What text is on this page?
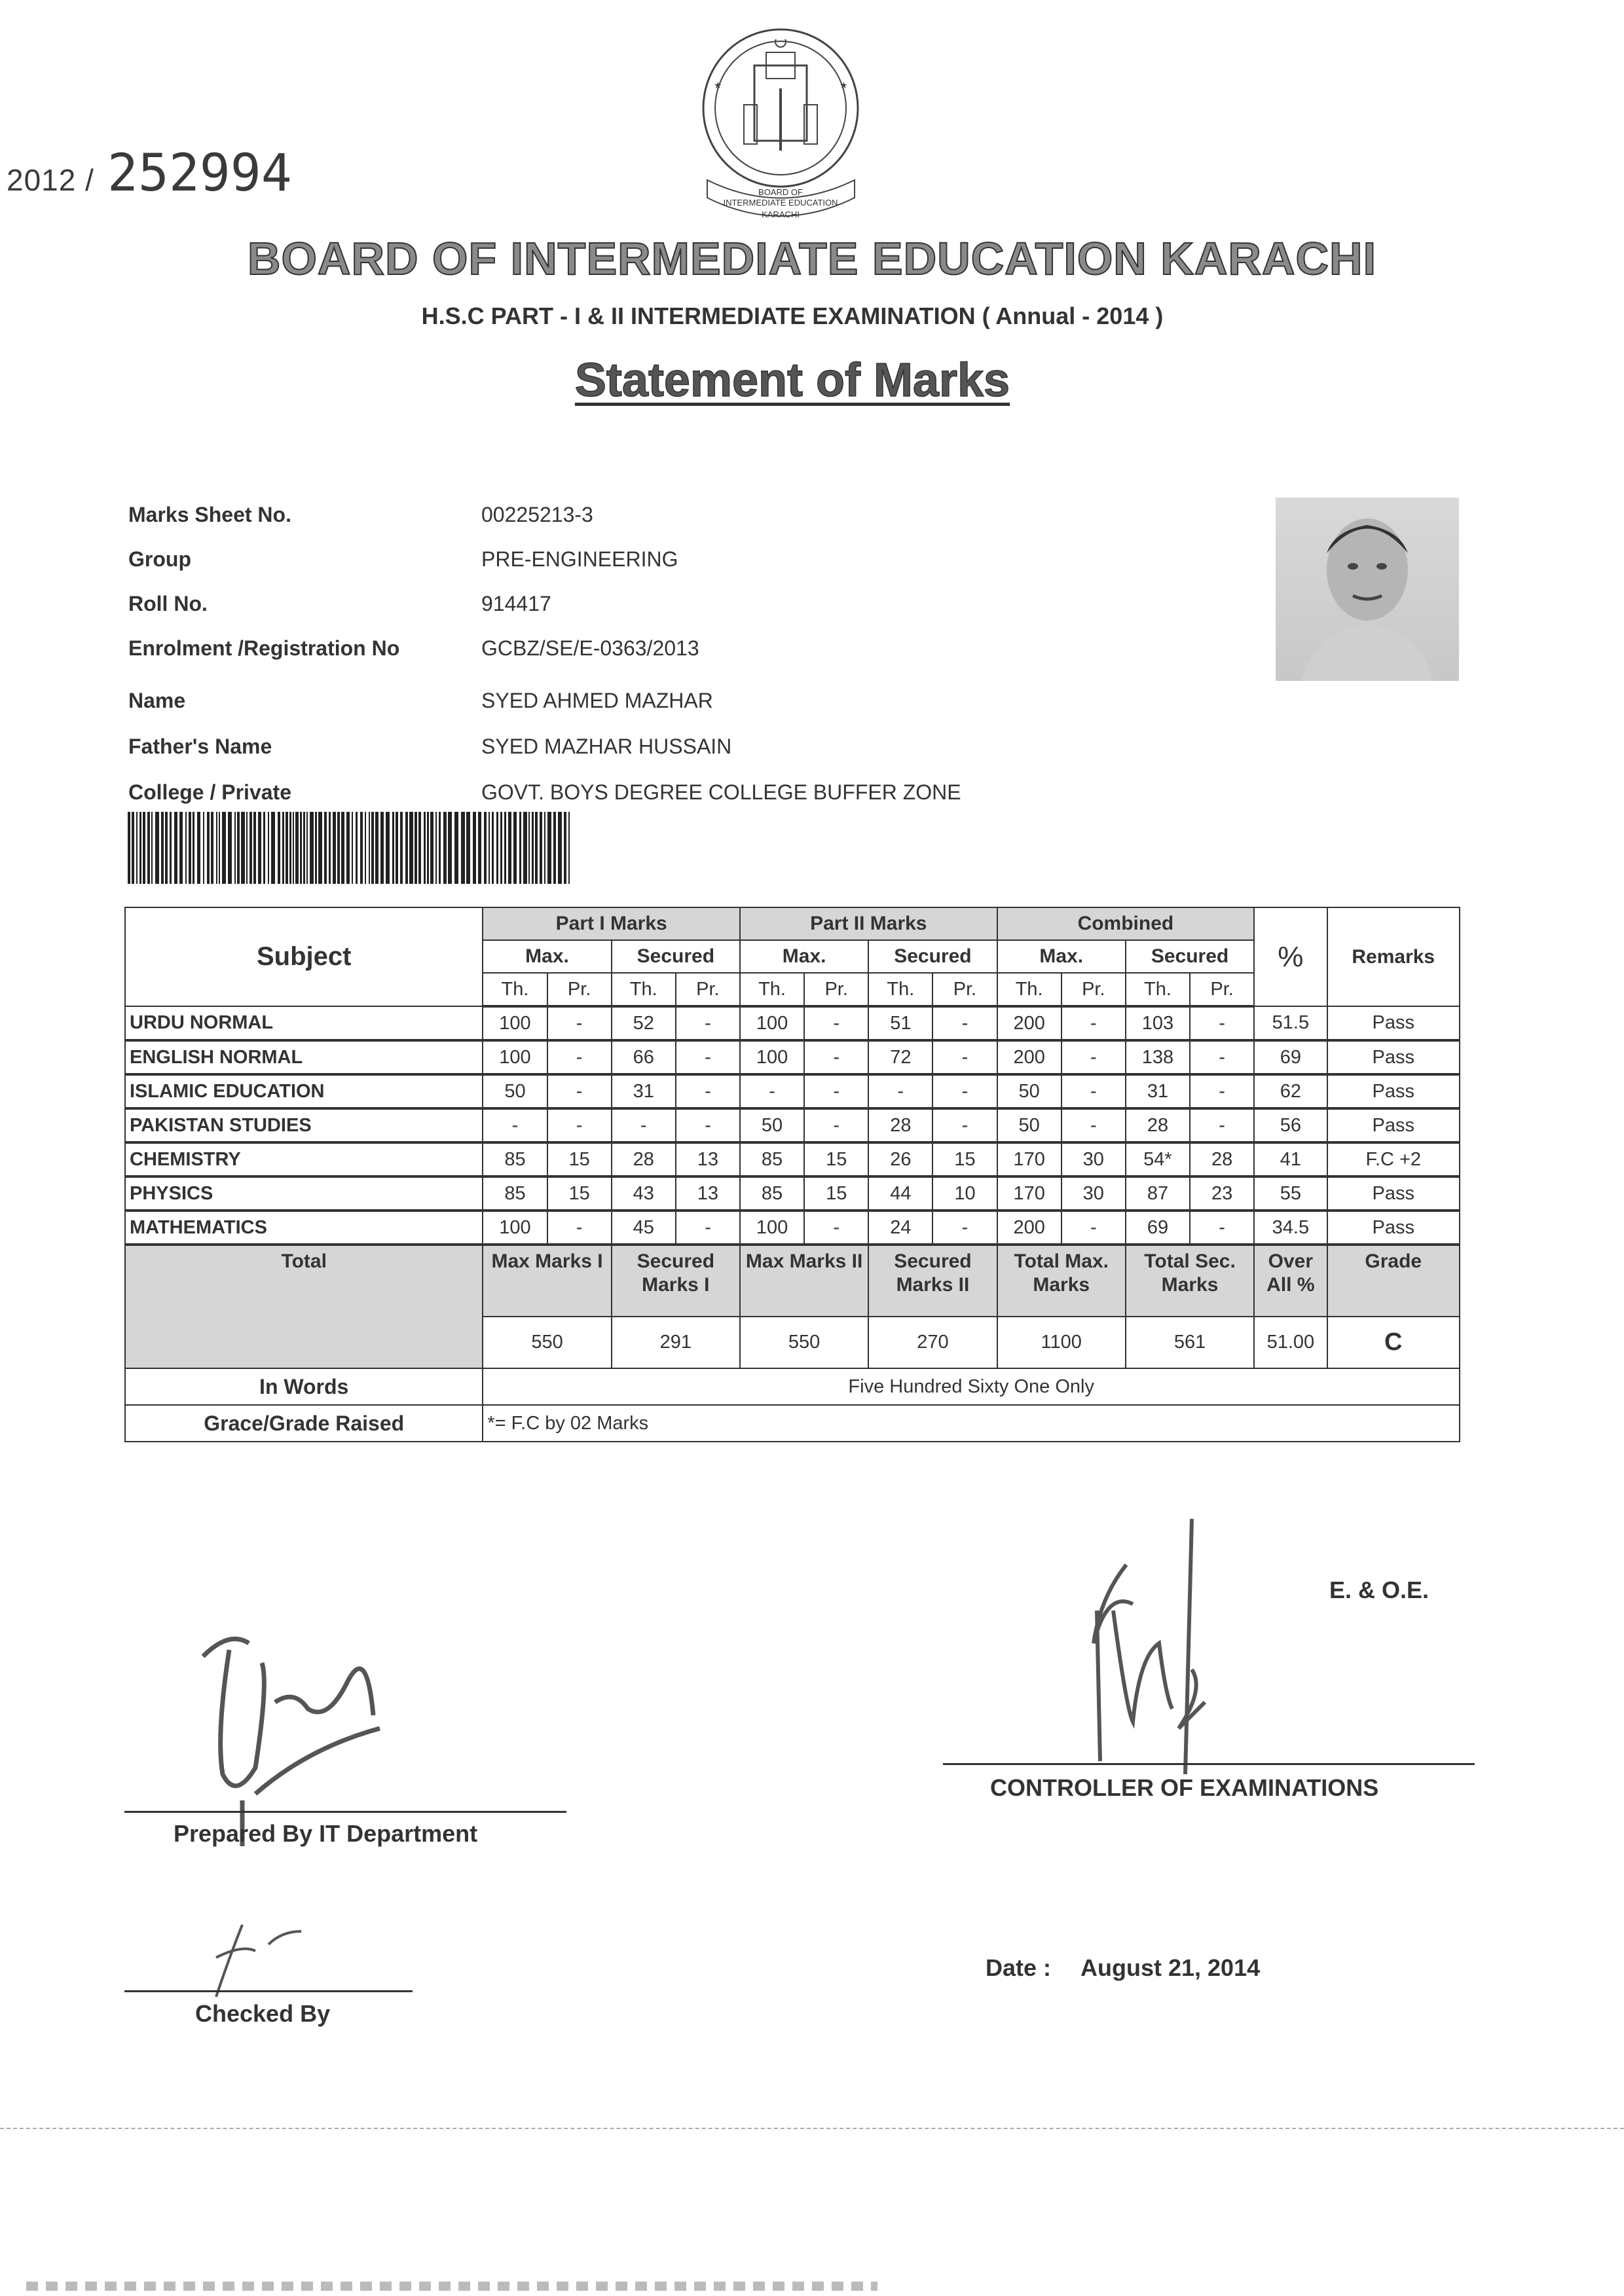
2012 / 252994
★	★
BOARD OF
INTERMEDIATE EDUCATION
KARACHI
BOARD OF INTERMEDIATE EDUCATION KARACHI
H.S.C PART - I & II INTERMEDIATE EXAMINATION ( Annual - 2014 )
Statement of Marks
Marks Sheet No.	00225213-3
Group	PRE-ENGINEERING
Roll No.	914417
Enrolment /Registration No	GCBZ/SE/E-0363/2013
Name	SYED AHMED MAZHAR
Father's Name	SYED MAZHAR HUSSAIN
College / Private	GOVT. BOYS DEGREE COLLEGE BUFFER ZONE
Subject	Part I Marks				Part II Marks				Combined				%	Remarks
	Max.		Secured		Max.		Secured		Max.		Secured			
	Th.	Pr.	Th.	Pr.	Th.	Pr.	Th.	Pr.	Th.	Pr.	Th.	Pr.		
URDU NORMAL	100	-	52	-	100	-	51	-	200	-	103	-	51.5	Pass
ENGLISH NORMAL	100	-	66	-	100	-	72	-	200	-	138	-	69	Pass
ISLAMIC EDUCATION	50	-	31	-	-	-	-	-	50	-	31	-	62	Pass
PAKISTAN STUDIES	-	-	-	-	50	-	28	-	50	-	28	-	56	Pass
CHEMISTRY	85	15	28	13	85	15	26	15	170	30	54*	28	41	F.C +2
PHYSICS	85	15	43	13	85	15	44	10	170	30	87	23	55	Pass
MATHEMATICS	100	-	45	-	100	-	24	-	200	-	69	-	34.5	Pass
Total	Max Marks I		Secured Marks I		Max Marks II		Secured Marks II		Total Max. Marks		Total Sec. Marks		Over All %	Grade
	550		291		550		270		1100		561		51.00	C
In Words	Five Hundred Sixty One Only													
Grace/Grade Raised	*= F.C by 02 Marks													
E. & O.E.
Prepared By IT Department
CONTROLLER OF EXAMINATIONS
Checked By
Date : August 21, 2014
